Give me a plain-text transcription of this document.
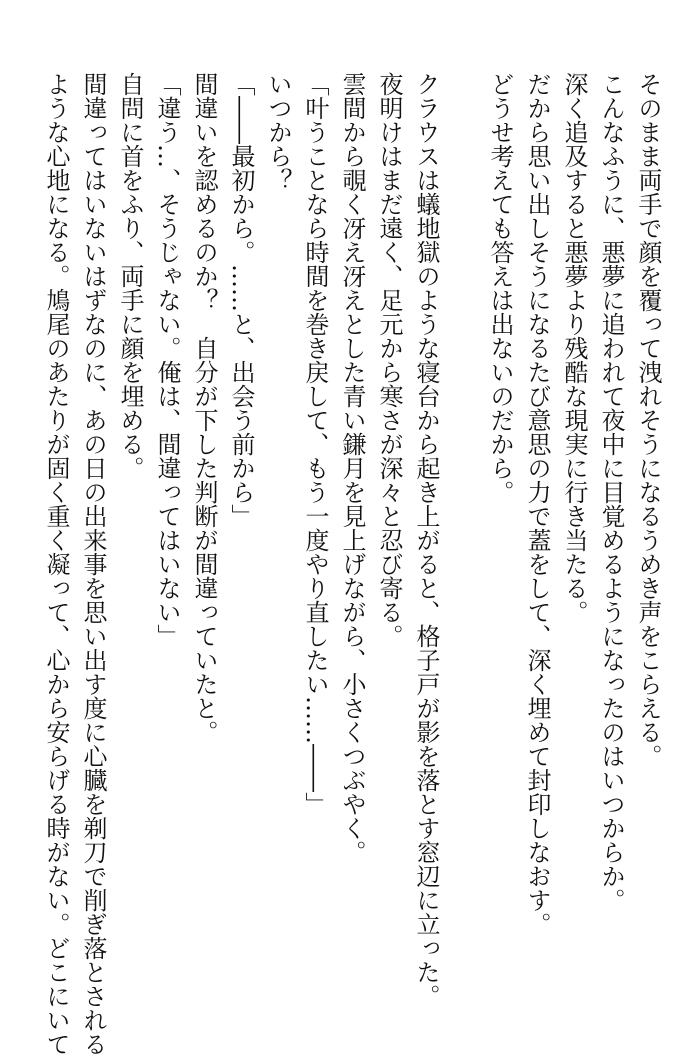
そのまま両手で顔を覆って洩れそうになるうめき声をこらえる。
こんなふうに、悪夢に追われて夜中に目覚めるようになったのはいつからか。
深く追及すると悪夢より残酷な現実に行き当たる。
だから思い出しそうになるたび意思の力で蓋をして、深く埋めて封印しなおす。
どうせ考えても答えは出ないのだから。
クラウスは蟻地獄のような寝台から起き上がると、格子戸が影を落とす窓辺に立った。
夜明けはまだ遠く、足元から寒さが深々と忍び寄る。
雲間から覗く冴え冴えとした青い鎌月を見上げながら、小さくつぶやく。
「叶うことなら時間を巻き戻して、もう一度やり直したい……――」
いつから？
「――最初から。……と、出会う前から」
間違いを認めるのか？　自分が下した判断が間違っていたと。
「違う…、そうじゃない。俺は、間違ってはいない」
自問に首をふり、両手に顔を埋める。
間違ってはいないはずなのに、あの日の出来事を思い出す度に心臓を剃刀で削ぎ落とされる
ような心地になる。鳩尾のあたりが固く重く凝って、心から安らげる時がない。どこにいて
